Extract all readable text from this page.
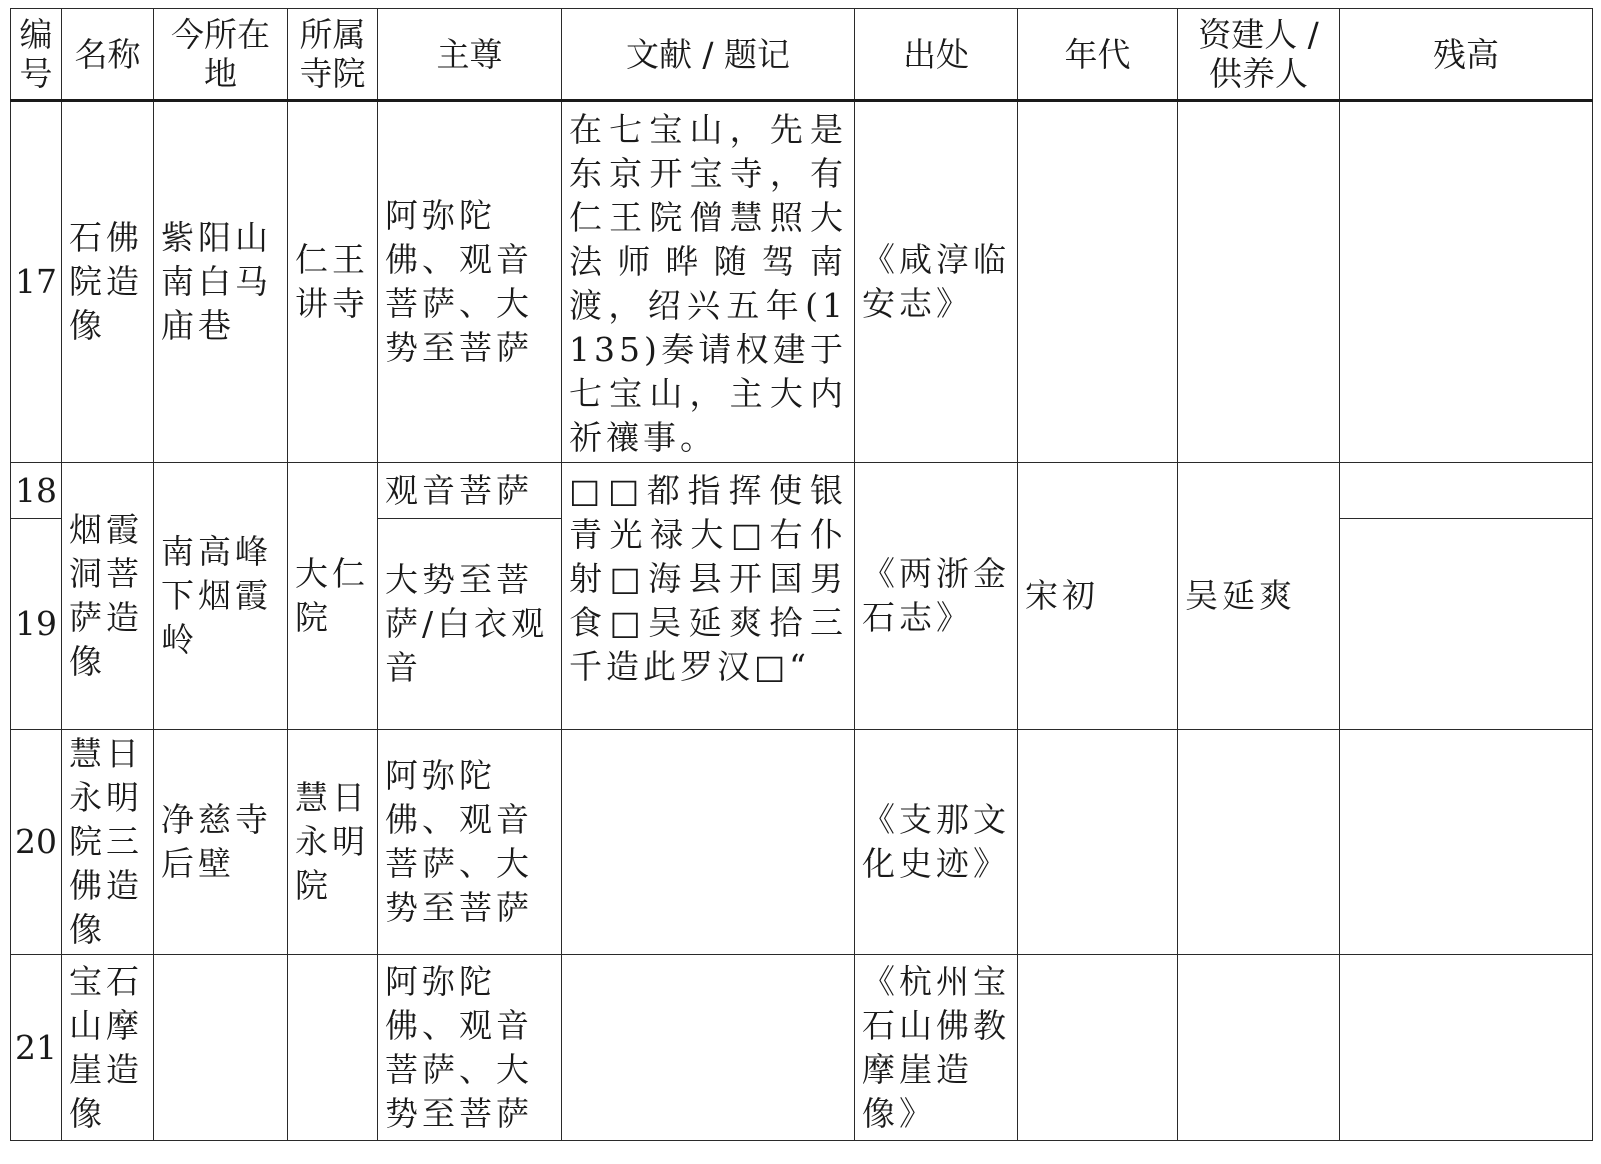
编号	名称	今所在地	所属寺院	主尊	文献 / 题记	出处	年代	资建人 / 供养人	残高
17	石佛院造像	紫阳山南白马庙巷	仁王讲寺	阿弥陀佛、观音菩萨、大势至菩萨	在七宝山，先是东京开宝寺，有仁王院僧慧照大法师晔随驾南渡，绍兴五年(1135)奏请权建于七宝山，主大内祈禳事。	《咸淳临安志》			
18	烟霞洞菩萨造像	南高峰下烟霞岭	大仁院	观音菩萨	□□都指挥使银青光禄大□右仆射□海县开国男食□吴延爽拾三千造此罗汉□“	《两浙金石志》	宋初	吴延爽	
19				大势至菩萨/白衣观音					
20	慧日永明院三佛造像	净慈寺后壁	慧日永明院	阿弥陀佛、观音菩萨、大势至菩萨		《支那文化史迹》			
21	宝石山摩崖造像			阿弥陀佛、观音菩萨、大势至菩萨		《杭州宝石山佛教摩崖造像》			
